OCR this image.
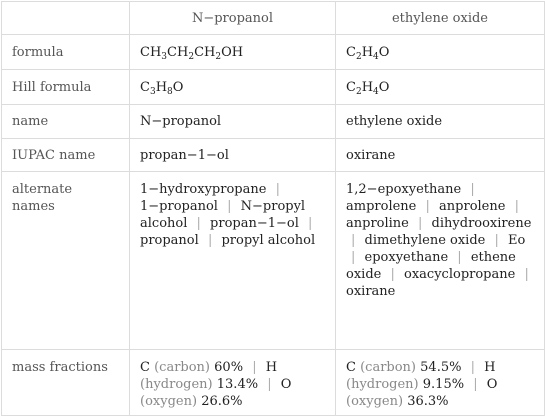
	N−propanol	ethylene oxide
formula	$CH_3CH_2CH_2OH$	$C_2H_4O$
Hill formula	$C_3H_8O$	$C_2H_4O$
name	N−propanol	ethylene oxide
IUPAC name	propan−1−ol	oxirane
alternate names	1−hydroxypropane | 1−propanol | N−propyl alcohol | propan−1−ol | propanol | propyl alcohol	1,2−epoxyethane | amprolene | anprolene | anproline | dihydrooxirene | dimethylene oxide | Eo | epoxyethane | ethene oxide | oxacyclopropane | oxirane
mass fractions	C (carbon) 60% | H (hydrogen) 13.4% | O (oxygen) 26.6%	C (carbon) 54.5% | H (hydrogen) 9.15% | O (oxygen) 36.3%
